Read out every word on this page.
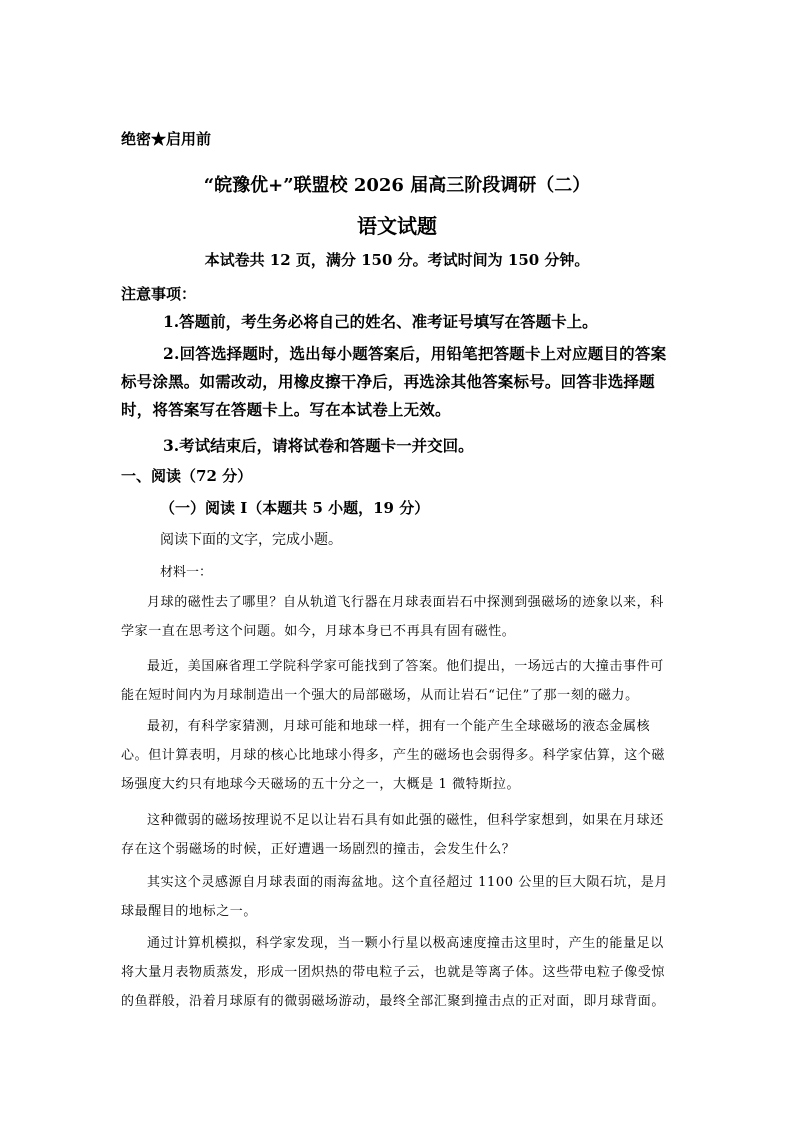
绝密★启用前
“皖豫优+”联盟校 2026 届高三阶段调研（二）
语文试题
本试卷共 12 页，满分 150 分。考试时间为 150 分钟。
注意事项：
1.答题前，考生务必将自己的姓名、准考证号填写在答题卡上。
2.回答选择题时，选出每小题答案后，用铅笔把答题卡上对应题目的答案标号涂黑。如需改动，用橡皮擦干净后，再选涂其他答案标号。回答非选择题时，将答案写在答题卡上。写在本试卷上无效。
3.考试结束后，请将试卷和答题卡一并交回。
一、阅读（72 分）
（一）阅读 I（本题共 5 小题，19 分）
阅读下面的文字，完成小题。
材料一：
月球的磁性去了哪里？自从轨道飞行器在月球表面岩石中探测到强磁场的迹象以来，科学家一直在思考这个问题。如今，月球本身已不再具有固有磁性。
最近，美国麻省理工学院科学家可能找到了答案。他们提出，一场远古的大撞击事件可能在短时间内为月球制造出一个强大的局部磁场，从而让岩石“记住”了那一刻的磁力。
最初，有科学家猜测，月球可能和地球一样，拥有一个能产生全球磁场的液态金属核心。但计算表明，月球的核心比地球小得多，产生的磁场也会弱得多。科学家估算，这个磁场强度大约只有地球今天磁场的五十分之一，大概是 1 微特斯拉。
这种微弱的磁场按理说不足以让岩石具有如此强的磁性，但科学家想到，如果在月球还存在这个弱磁场的时候，正好遭遇一场剧烈的撞击，会发生什么？
其实这个灵感源自月球表面的雨海盆地。这个直径超过 1100 公里的巨大陨石坑，是月球最醒目的地标之一。
通过计算机模拟，科学家发现，当一颗小行星以极高速度撞击这里时，产生的能量足以将大量月表物质蒸发，形成一团炽热的带电粒子云，也就是等离子体。这些带电粒子像受惊的鱼群般，沿着月球原有的微弱磁场游动，最终全部汇聚到撞击点的正对面，即月球背面。
